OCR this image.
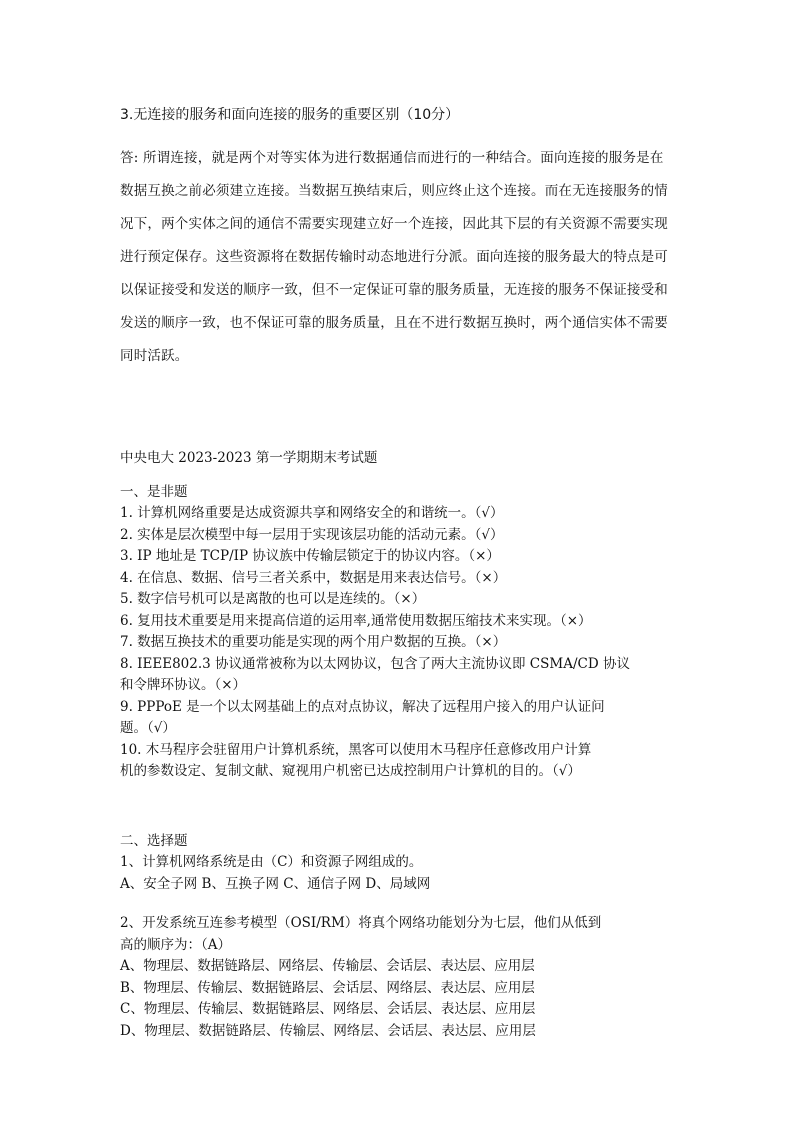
3.无连接的服务和面向连接的服务的重要区别（10分）
答: 所谓连接，就是两个对等实体为进行数据通信而进行的一种结合。面向连接的服务是在
数据互换之前必须建立连接。当数据互换结束后，则应终止这个连接。而在无连接服务的情
况下，两个实体之间的通信不需要实现建立好一个连接，因此其下层的有关资源不需要实现
进行预定保存。这些资源将在数据传输时动态地进行分派。面向连接的服务最大的特点是可
以保证接受和发送的顺序一致，但不一定保证可靠的服务质量，无连接的服务不保证接受和
发送的顺序一致，也不保证可靠的服务质量，且在不进行数据互换时，两个通信实体不需要
同时活跃。
中央电大 2023-2023 第一学期期末考试题
一、是非题
1. 计算机网络重要是达成资源共享和网络安全的和谐统一。（√）
2. 实体是层次模型中每一层用于实现该层功能的活动元素。（√）
3. IP 地址是 TCP/IP 协议族中传输层锁定于的协议内容。（×）
4. 在信息、数据、信号三者关系中，数据是用来表达信号。（×）
5. 数字信号机可以是离散的也可以是连续的。（×）
6. 复用技术重要是用来提高信道的运用率,通常使用数据压缩技术来实现。（×）
7. 数据互换技术的重要功能是实现的两个用户数据的互换。（×）
8. IEEE802.3 协议通常被称为以太网协议，包含了两大主流协议即 CSMA/CD 协议
和令牌环协议。（×）
9. PPPoE 是一个以太网基础上的点对点协议，解决了远程用户接入的用户认证问
题。（√）
10. 木马程序会驻留用户计算机系统，黑客可以使用木马程序任意修改用户计算
机的参数设定、复制文献、窥视用户机密已达成控制用户计算机的目的。（√）
二、选择题
1、计算机网络系统是由（C）和资源子网组成的。
A、安全子网 B、互换子网 C、通信子网 D、局域网
2、开发系统互连参考模型（OSI/RM）将真个网络功能划分为七层，他们从低到
高的顺序为：（A）
A、物理层、数据链路层、网络层、传输层、会话层、表达层、应用层
B、物理层、传输层、数据链路层、会话层、网络层、表达层、应用层
C、物理层、传输层、数据链路层、网络层、会话层、表达层、应用层
D、物理层、数据链路层、传输层、网络层、会话层、表达层、应用层
